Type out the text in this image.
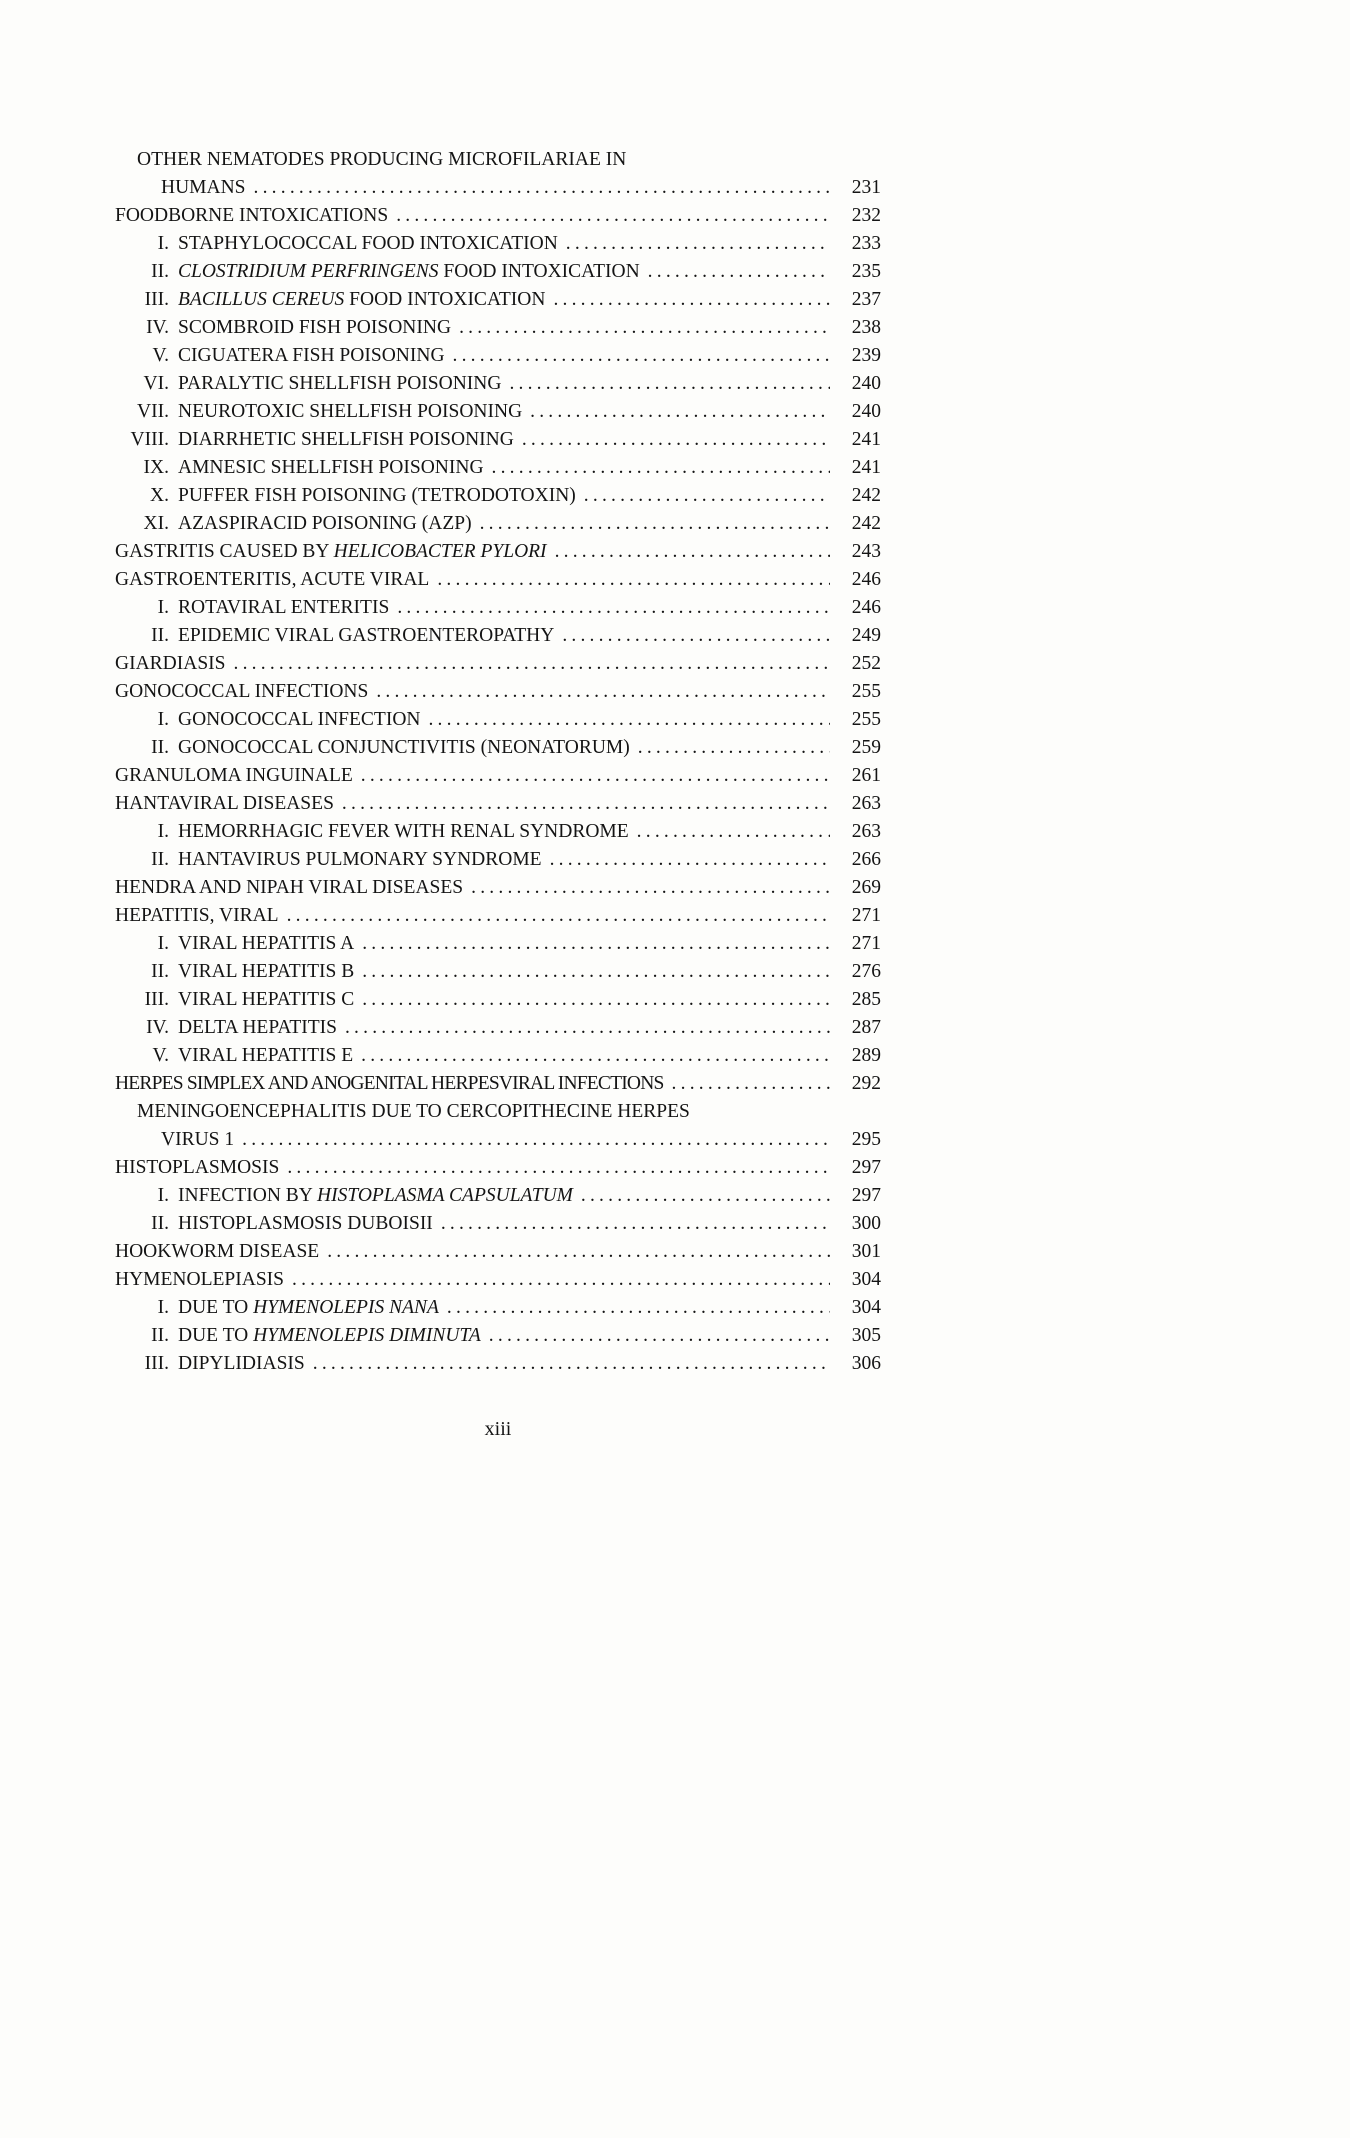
OTHER NEMATODES PRODUCING MICROFILARIAE IN
HUMANS .....	231
FOODBORNE INTOXICATIONS .....	232
I. STAPHYLOCOCCAL FOOD INTOXICATION .....	233
II. CLOSTRIDIUM PERFRINGENS FOOD INTOXICATION .....	235
III. BACILLUS CEREUS FOOD INTOXICATION .....	237
IV. SCOMBROID FISH POISONING .....	238
V. CIGUATERA FISH POISONING .....	239
VI. PARALYTIC SHELLFISH POISONING .....	240
VII. NEUROTOXIC SHELLFISH POISONING .....	240
VIII. DIARRHETIC SHELLFISH POISONING .....	241
IX. AMNESIC SHELLFISH POISONING .....	241
X. PUFFER FISH POISONING (TETRODOTOXIN) .....	242
XI. AZASPIRACID POISONING (AZP) .....	242
GASTRITIS CAUSED BY HELICOBACTER PYLORI .....	243
GASTROENTERITIS, ACUTE VIRAL .....	246
I. ROTAVIRAL ENTERITIS .....	246
II. EPIDEMIC VIRAL GASTROENTEROPATHY .....	249
GIARDIASIS .....	252
GONOCOCCAL INFECTIONS .....	255
I. GONOCOCCAL INFECTION .....	255
II. GONOCOCCAL CONJUNCTIVITIS (NEONATORUM) .....	259
GRANULOMA INGUINALE .....	261
HANTAVIRAL DISEASES .....	263
I. HEMORRHAGIC FEVER WITH RENAL SYNDROME .....	263
II. HANTAVIRUS PULMONARY SYNDROME .....	266
HENDRA AND NIPAH VIRAL DISEASES .....	269
HEPATITIS, VIRAL .....	271
I. VIRAL HEPATITIS A .....	271
II. VIRAL HEPATITIS B .....	276
III. VIRAL HEPATITIS C .....	285
IV. DELTA HEPATITIS .....	287
V. VIRAL HEPATITIS E .....	289
HERPES SIMPLEX AND ANOGENITAL HERPESVIRAL INFECTIONS .....	292
MENINGOENCEPHALITIS DUE TO CERCOPITHECINE HERPES
VIRUS 1 .....	295
HISTOPLASMOSIS .....	297
I. INFECTION BY HISTOPLASMA CAPSULATUM .....	297
II. HISTOPLASMOSIS DUBOISII .....	300
HOOKWORM DISEASE .....	301
HYMENOLEPIASIS .....	304
I. DUE TO HYMENOLEPIS NANA .....	304
II. DUE TO HYMENOLEPIS DIMINUTA .....	305
III. DIPYLIDIASIS .....	306
xiii
